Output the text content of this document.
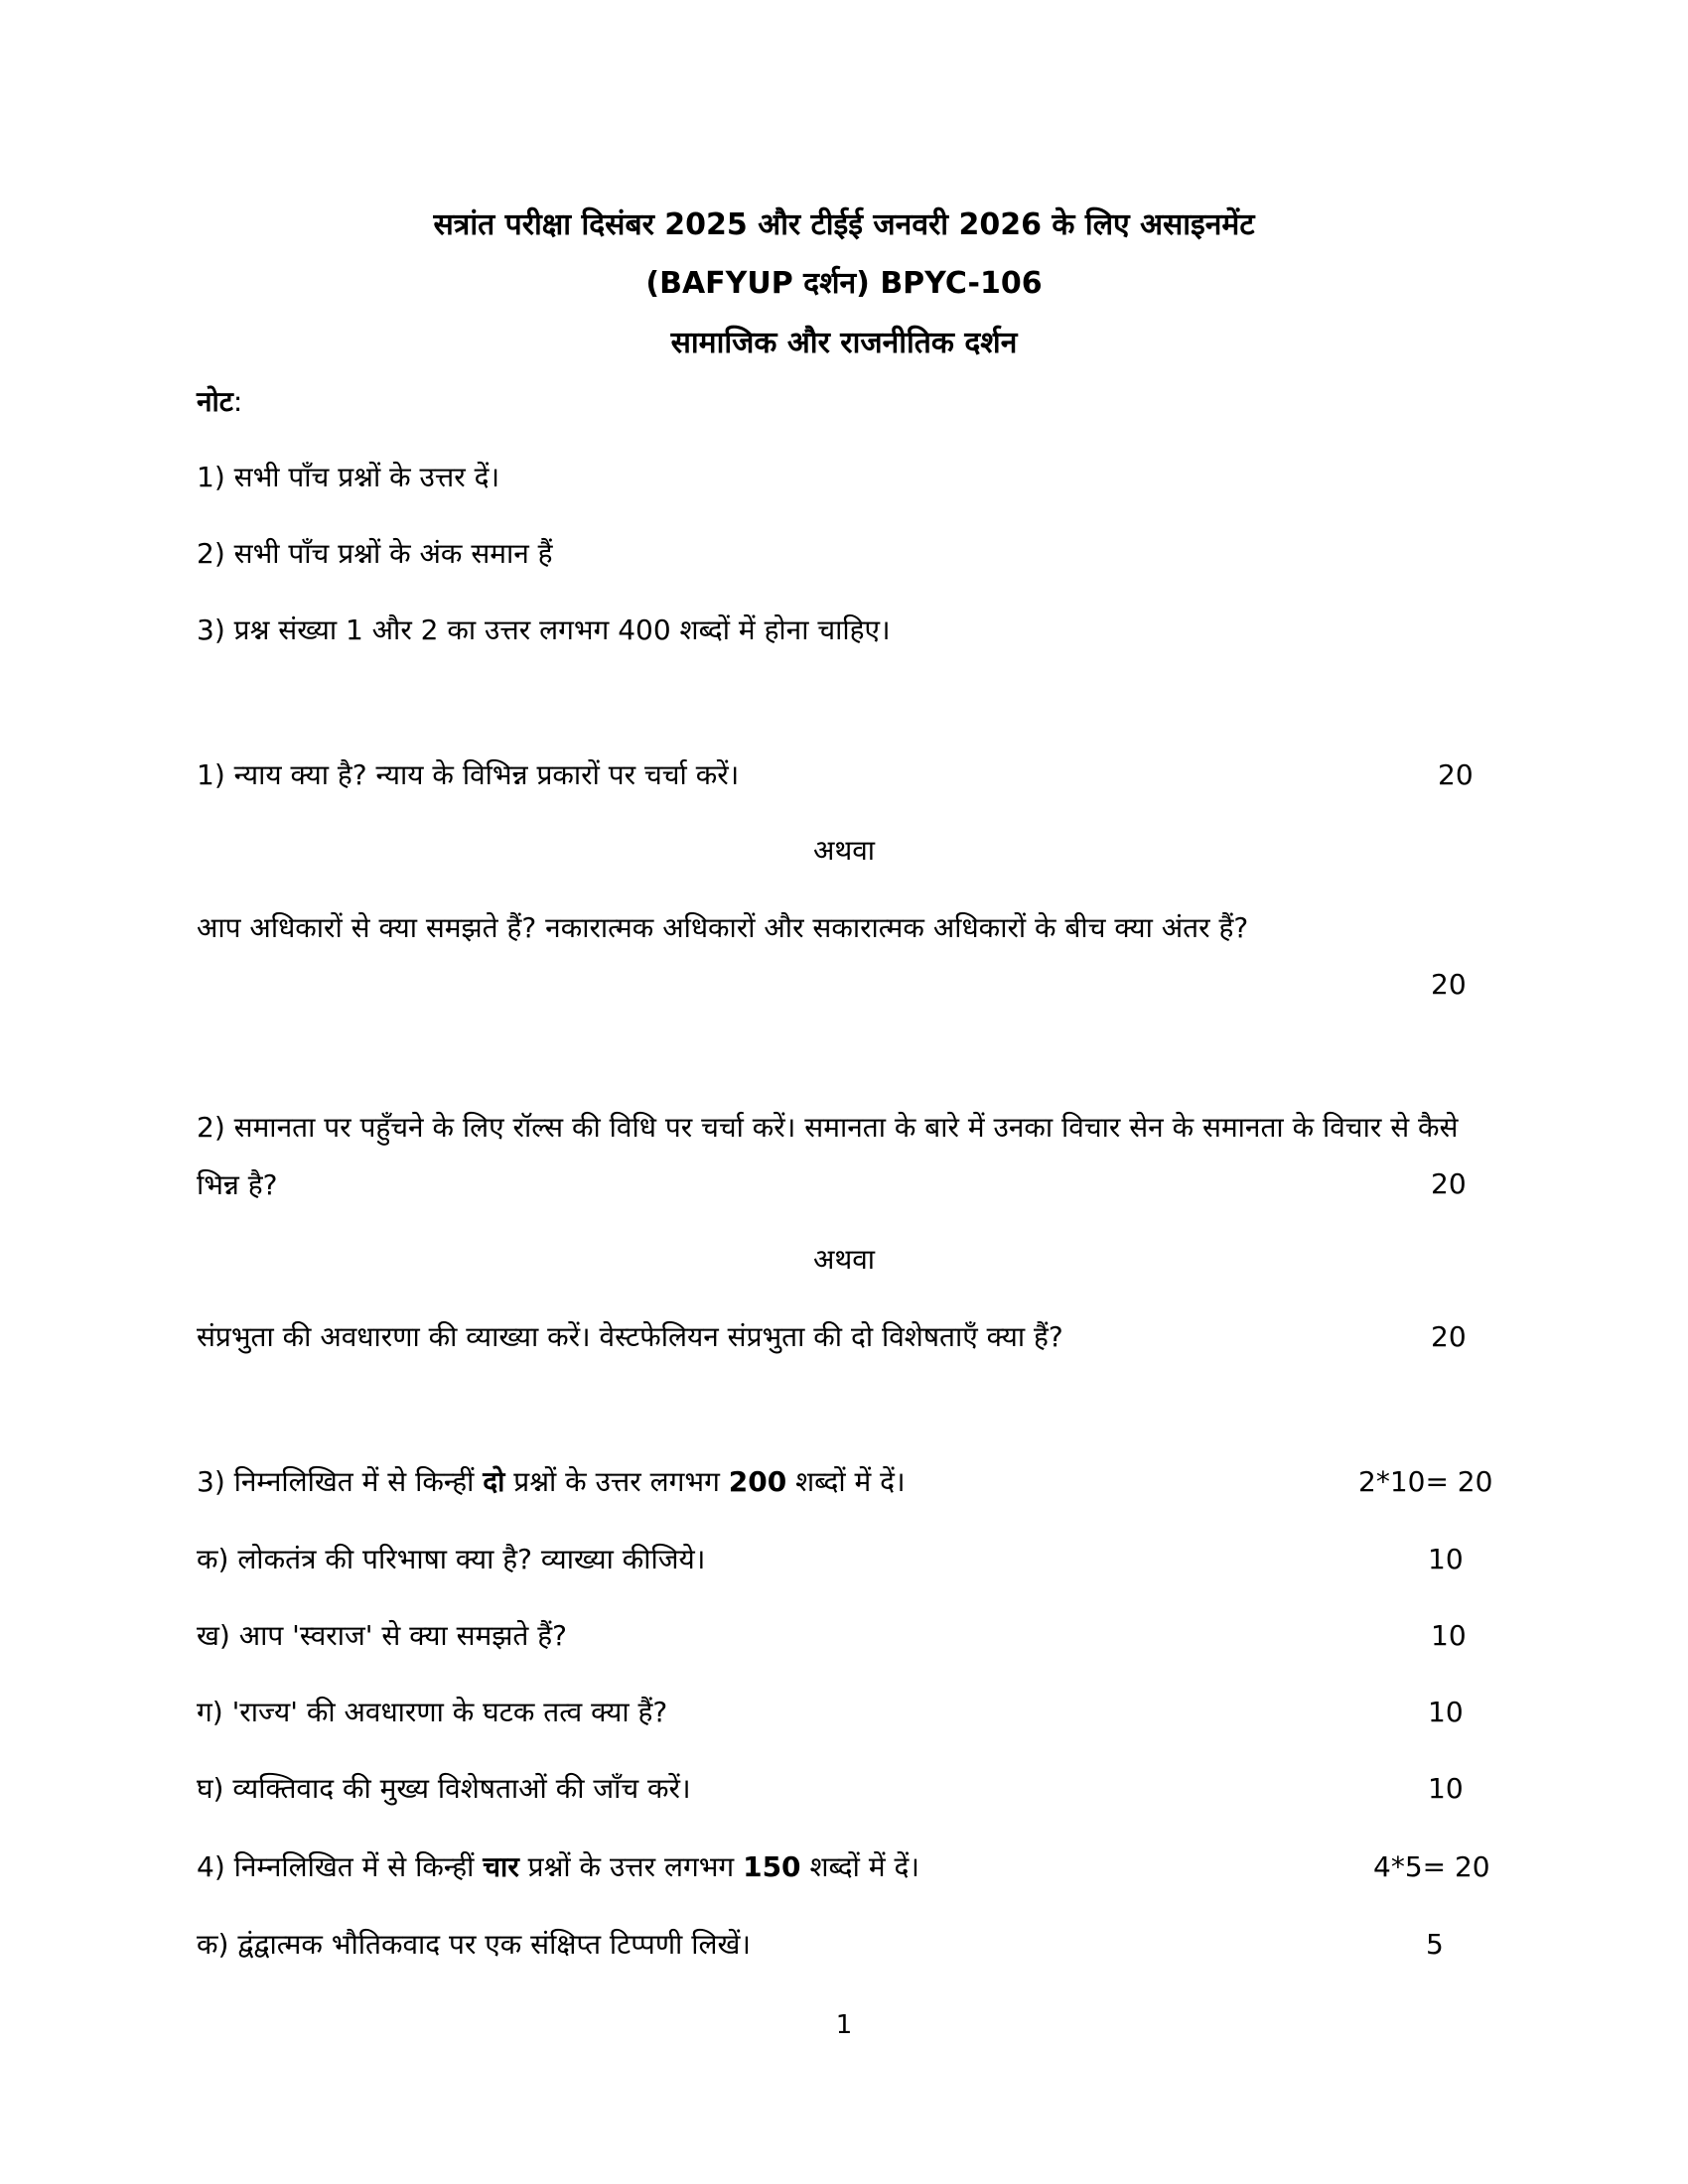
सत्रांत परीक्षा दिसंबर 2025 और टीईई जनवरी 2026 के लिए असाइनमेंट
(BAFYUP दर्शन) BPYC-106
सामाजिक और राजनीतिक दर्शन
नोट:
1) सभी पाँच प्रश्नों के उत्तर दें।
2) सभी पाँच प्रश्नों के अंक समान हैं
3) प्रश्न संख्या 1 और 2 का उत्तर लगभग 400 शब्दों में होना चाहिए।
1) न्याय क्या है? न्याय के विभिन्न प्रकारों पर चर्चा करें।	20
अथवा
आप अधिकारों से क्या समझते हैं? नकारात्मक अधिकारों और सकारात्मक अधिकारों के बीच क्या अंतर हैं?
20
2) समानता पर पहुँचने के लिए रॉल्स की विधि पर चर्चा करें। समानता के बारे में उनका विचार सेन के समानता के विचार से कैसे भिन्न है?	20
अथवा
संप्रभुता की अवधारणा की व्याख्या करें। वेस्टफेलियन संप्रभुता की दो विशेषताएँ क्या हैं?	20
3) निम्नलिखित में से किन्हीं दो प्रश्नों के उत्तर लगभग 200 शब्दों में दें।	2*10= 20
क) लोकतंत्र की परिभाषा क्या है? व्याख्या कीजिये।	10
ख) आप 'स्वराज' से क्या समझते हैं?	10
ग) 'राज्य' की अवधारणा के घटक तत्व क्या हैं?	10
घ) व्यक्तिवाद की मुख्य विशेषताओं की जाँच करें।	10
4) निम्नलिखित में से किन्हीं चार प्रश्नों के उत्तर लगभग 150 शब्दों में दें।	4*5= 20
क) द्वंद्वात्मक भौतिकवाद पर एक संक्षिप्त टिप्पणी लिखें।	5
1
